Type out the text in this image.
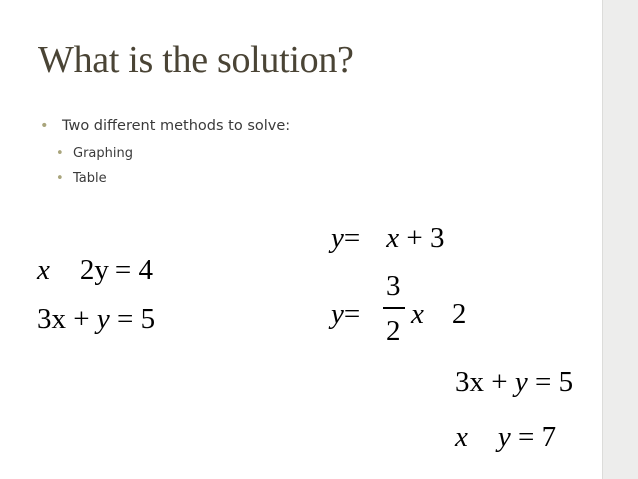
What is the solution?
• Two different methods to solve:
• Graphing
• Table
x 2y = 4
3x + y = 5
y= x + 3
y=
3
2
x 2
3x + y = 5
x y = 7
